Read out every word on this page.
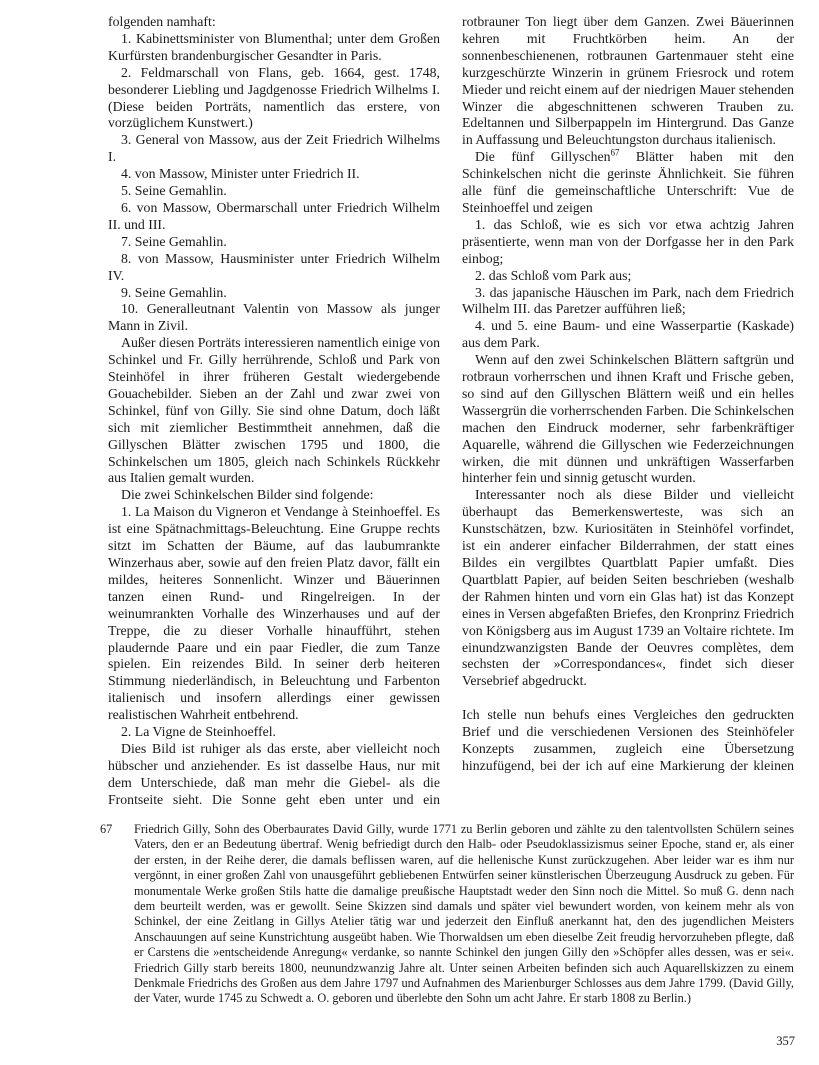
folgenden namhaft:

1. Kabinettsminister von Blumenthal; unter dem Großen Kurfürsten brandenburgischer Gesandter in Paris.

2. Feldmarschall von Flans, geb. 1664, gest. 1748, besonderer Liebling und Jagdgenosse Friedrich Wilhelms I. (Diese beiden Porträts, namentlich das erstere, von vorzüglichem Kunstwert.)

3. General von Massow, aus der Zeit Friedrich Wilhelms I.

4. von Massow, Minister unter Friedrich II.

5. Seine Gemahlin.

6. von Massow, Obermarschall unter Friedrich Wilhelm II. und III.

7. Seine Gemahlin.

8. von Massow, Hausminister unter Friedrich Wilhelm IV.

9. Seine Gemahlin.

10. Generalleutnant Valentin von Massow als junger Mann in Zivil.

Außer diesen Porträts interessieren namentlich einige von Schinkel und Fr. Gilly herrührende, Schloß und Park von Steinhöfel in ihrer früheren Gestalt wiedergebende Gouachebilder. Sieben an der Zahl und zwar zwei von Schinkel, fünf von Gilly. Sie sind ohne Datum, doch läßt sich mit ziemlicher Bestimmtheit annehmen, daß die Gillyschen Blätter zwischen 1795 und 1800, die Schinkelschen um 1805, gleich nach Schinkels Rückkehr aus Italien gemalt wurden.

Die zwei Schinkelschen Bilder sind folgende:

1. La Maison du Vigneron et Vendange à Steinhoeffel. Es ist eine Spätnachmittags-Beleuchtung. Eine Gruppe rechts sitzt im Schatten der Bäume, auf das laubumrankte Winzerhaus aber, sowie auf den freien Platz davor, fällt ein mildes, heiteres Sonnenlicht. Winzer und Bäuerinnen tanzen einen Rund- und Ringelreigen. In der weinumrankten Vorhalle des Winzerhauses und auf der Treppe, die zu dieser Vorhalle hinaufführt, stehen plaudernde Paare und ein paar Fiedler, die zum Tanze spielen. Ein reizendes Bild. In seiner derb heiteren Stimmung niederländisch, in Beleuchtung und Farbenton italienisch und insofern allerdings einer gewissen realistischen Wahrheit entbehrend.

2. La Vigne de Steinhoeffel.

Dies Bild ist ruhiger als das erste, aber vielleicht noch hübscher und anziehender. Es ist dasselbe Haus, nur mit dem Unterschiede, daß man mehr die Giebel- als die Frontseite sieht. Die Sonne geht eben unter und ein

rotbrauner Ton liegt über dem Ganzen. Zwei Bäuerinnen kehren mit Fruchtkörben heim. An der sonnenbeschienenen, rotbraunen Gartenmauer steht eine kurzgeschürzte Winzerin in grünem Friesrock und rotem Mieder und reicht einem auf der niedrigen Mauer stehenden Winzer die abgeschnittenen schweren Trauben zu. Edeltannen und Silberpappeln im Hintergrund. Das Ganze in Auffassung und Beleuchtungston durchaus italienisch.

Die fünf Gillyschen$^{67}$ Blätter haben mit den Schinkelschen nicht die gerinste Ähnlichkeit. Sie führen alle fünf die gemeinschaftliche Unterschrift: Vue de Steinhoeffel und zeigen

1. das Schloß, wie es sich vor etwa achtzig Jahren präsentierte, wenn man von der Dorfgasse her in den Park einbog;

2. das Schloß vom Park aus;

3. das japanische Häuschen im Park, nach dem Friedrich Wilhelm III. das Paretzer aufführen ließ;

4. und 5. eine Baum- und eine Wasserpartie (Kaskade) aus dem Park.

Wenn auf den zwei Schinkelschen Blättern saftgrün und rotbraun vorherrschen und ihnen Kraft und Frische geben, so sind auf den Gillyschen Blättern weiß und ein helles Wassergrün die vorherrschenden Farben. Die Schinkelschen machen den Eindruck moderner, sehr farbenkräftiger Aquarelle, während die Gillyschen wie Federzeichnungen wirken, die mit dünnen und unkräftigen Wasserfarben hinterher fein und sinnig getuscht wurden.

Interessanter noch als diese Bilder und vielleicht überhaupt das Bemerkenswerteste, was sich an Kunstschätzen, bzw. Kuriositäten in Steinhöfel vorfindet, ist ein anderer einfacher Bilderrahmen, der statt eines Bildes ein vergilbtes Quartblatt Papier umfaßt. Dies Quartblatt Papier, auf beiden Seiten beschrieben (weshalb der Rahmen hinten und vorn ein Glas hat) ist das Konzept eines in Versen abgefaßten Briefes, den Kronprinz Friedrich von Königsberg aus im August 1739 an Voltaire richtete. Im einundzwanzigsten Bande der Oeuvres complètes, dem sechsten der »Correspondances«, findet sich dieser Versebrief abgedruckt.

Ich stelle nun behufs eines Vergleiches den gedruckten Brief und die verschiedenen Versionen des Steinhöfeler Konzepts zusammen, zugleich eine Übersetzung hinzufügend, bei der ich auf eine Markierung der kleinen

67	Friedrich Gilly, Sohn des Oberbaurates David Gilly, wurde 1771 zu Berlin geboren und zählte zu den talentvollsten Schülern seines Vaters, den er an Bedeutung übertraf. Wenig befriedigt durch den Halb- oder Pseudoklassizismus seiner Epoche, stand er, als einer der ersten, in der Reihe derer, die damals beflissen waren, auf die hellenische Kunst zurückzugehen. Aber leider war es ihm nur vergönnt, in einer großen Zahl von unausgeführt gebliebenen Entwürfen seiner künstlerischen Überzeugung Ausdruck zu geben. Für monumentale Werke großen Stils hatte die damalige preußische Hauptstadt weder den Sinn noch die Mittel. So muß G. denn nach dem beurteilt werden, was er gewollt. Seine Skizzen sind damals und später viel bewundert worden, von keinem mehr als von Schinkel, der eine Zeitlang in Gillys Atelier tätig war und jederzeit den Einfluß anerkannt hat, den des jugendlichen Meisters Anschauungen auf seine Kunstrichtung ausgeübt haben. Wie Thorwaldsen um eben dieselbe Zeit freudig hervorzuheben pflegte, daß er Carstens die »entscheidende Anregung« verdanke, so nannte Schinkel den jungen Gilly den »Schöpfer alles dessen, was er sei«. Friedrich Gilly starb bereits 1800, neunundzwanzig Jahre alt. Unter seinen Arbeiten befinden sich auch Aquarellskizzen zu einem Denkmale Friedrichs des Großen aus dem Jahre 1797 und Aufnahmen des Marienburger Schlosses aus dem Jahre 1799. (David Gilly, der Vater, wurde 1745 zu Schwedt a. O. geboren und überlebte den Sohn um acht Jahre. Er starb 1808 zu Berlin.)

357
